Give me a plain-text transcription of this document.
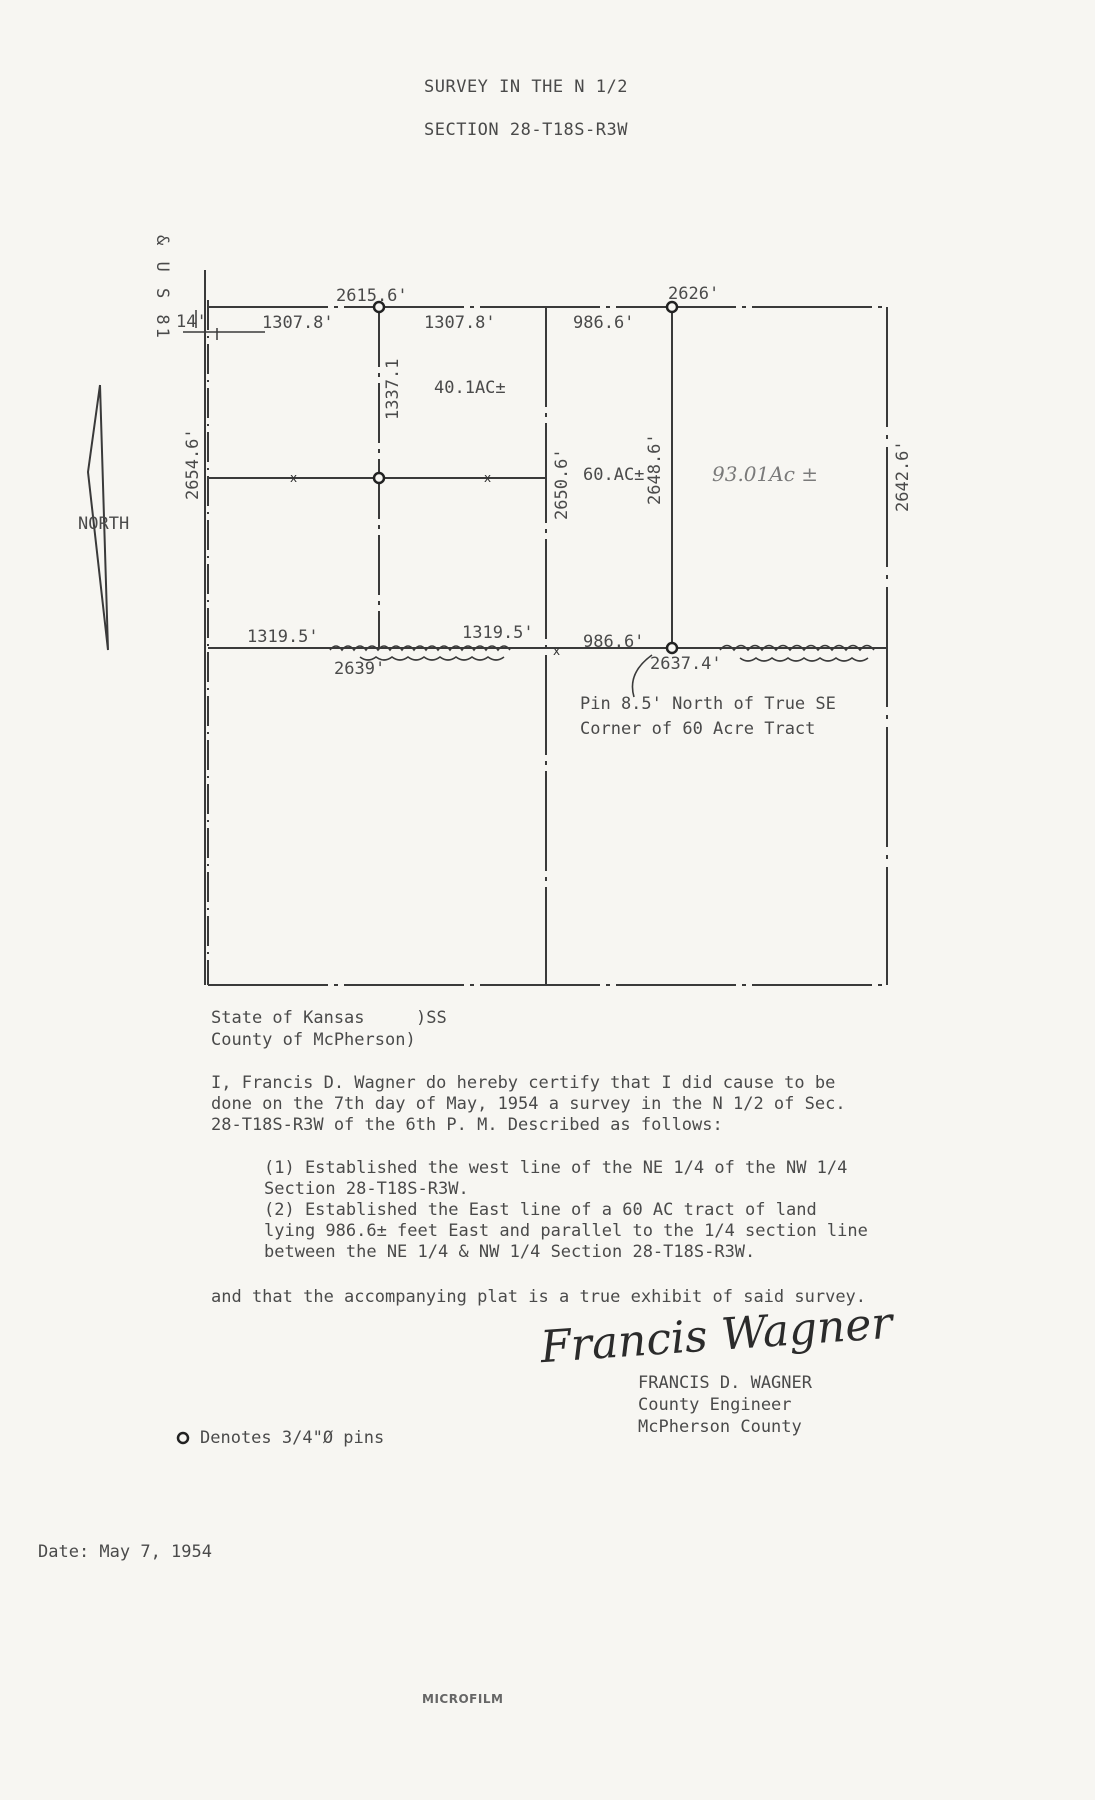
SURVEY IN THE N 1/2
SECTION 28-T18S-R3W
x	x
x
& U S 81
NORTH
14'	1307.8'
2615.6'
1307.8'	986.6'
2626'
2654.6'
1337.1
2650.6'	2648.6'	2642.6'
40.1AC±
60.AC±	93.01Ac ±
1319.5'	1319.5'
2639'
986.6'
2637.4'
Pin 8.5' North of True SE
Corner of 60 Acre Tract
State of Kansas	)SS
County of McPherson)
I, Francis D. Wagner do hereby certify that I did cause to be
done on the 7th day of May, 1954 a survey in the N 1/2 of Sec.
28-T18S-R3W of the 6th P. M. Described as follows:
(1) Established the west line of the NE 1/4 of the NW 1/4
Section 28-T18S-R3W.
(2) Established the East line of a 60 AC tract of land
lying 986.6± feet East and parallel to the 1/4 section line
between the NE 1/4 & NW 1/4 Section 28-T18S-R3W.
and that the accompanying plat is a true exhibit of said survey.
Francis Wagner
FRANCIS D. WAGNER
County Engineer
McPherson County
Denotes 3/4"Ø pins
Date: May 7, 1954
MICROFILM
